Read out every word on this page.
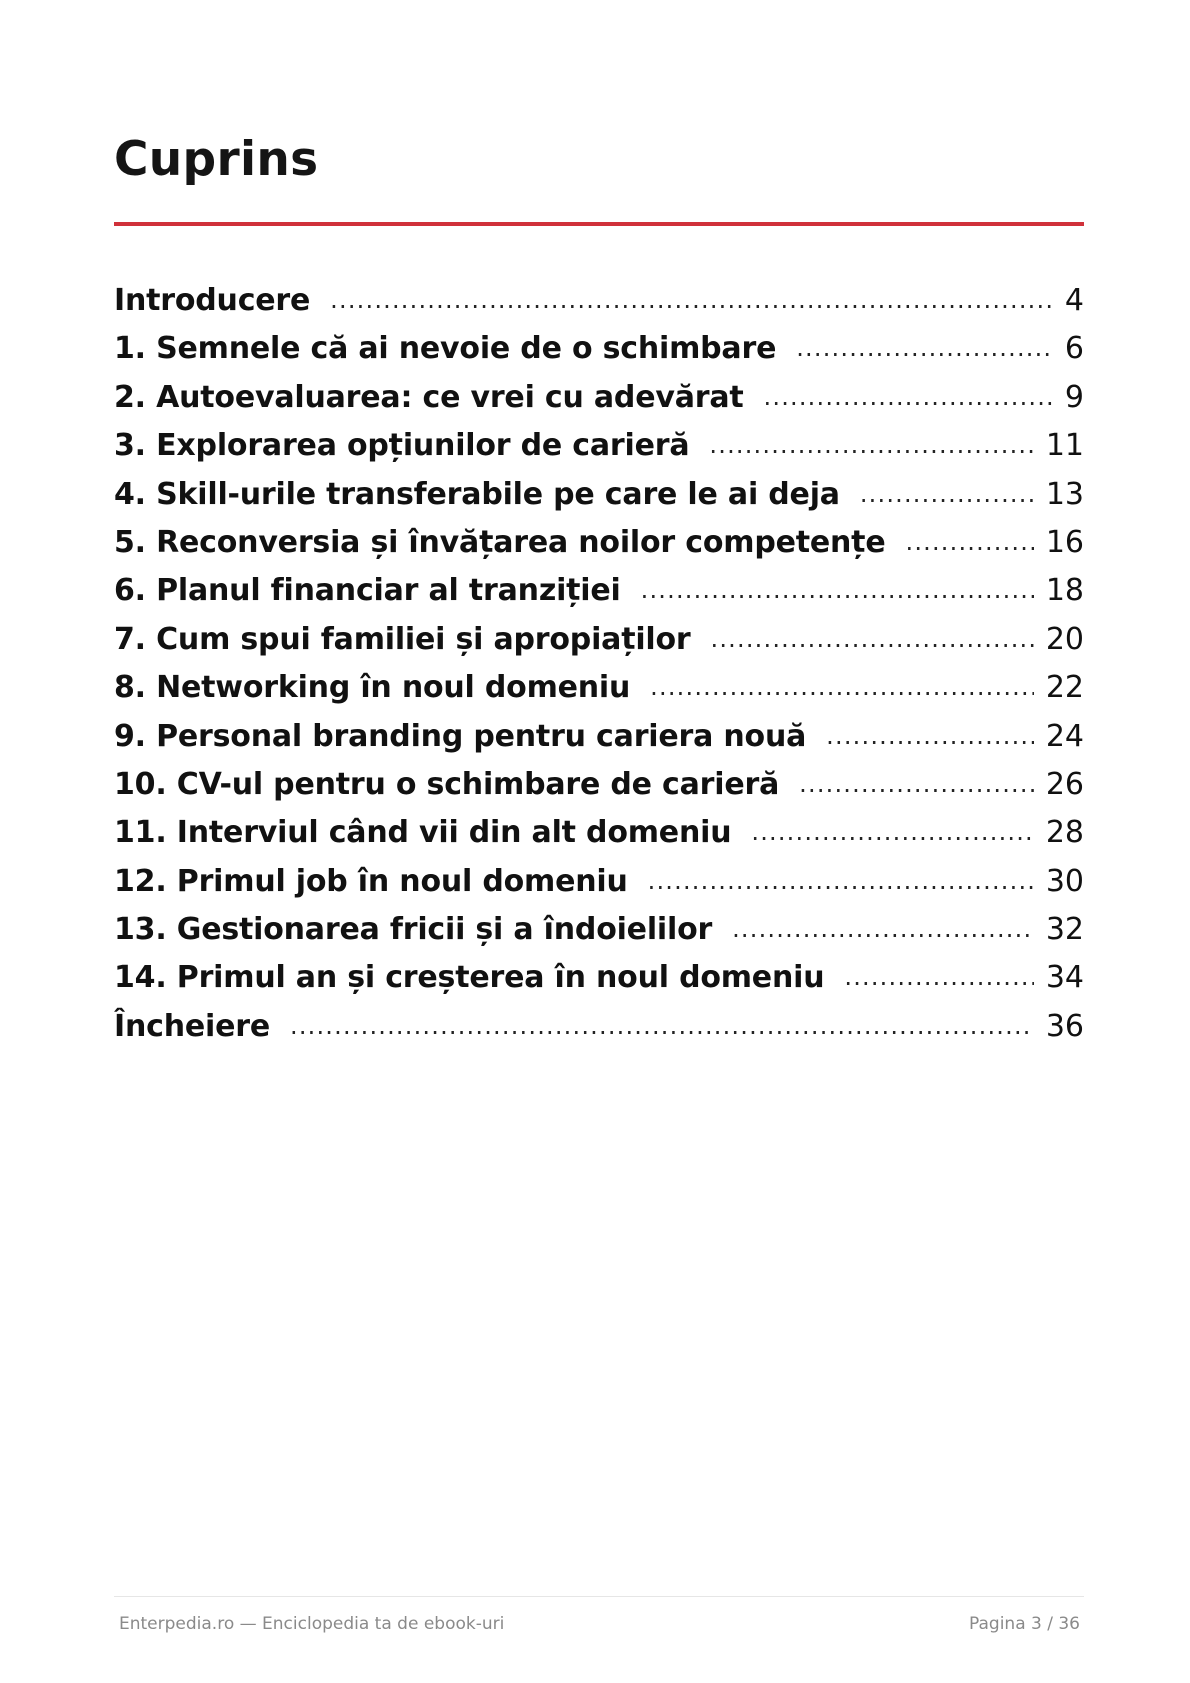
Cuprins
Introducere .....	4
1. Semnele că ai nevoie de o schimbare .....	6
2. Autoevaluarea: ce vrei cu adevărat .....	9
3. Explorarea opțiunilor de carieră .....	11
4. Skill-urile transferabile pe care le ai deja .....	13
5. Reconversia și învățarea noilor competențe .....	16
6. Planul financiar al tranziției .....	18
7. Cum spui familiei și apropiaților .....	20
8. Networking în noul domeniu .....	22
9. Personal branding pentru cariera nouă .....	24
10. CV-ul pentru o schimbare de carieră .....	26
11. Interviul când vii din alt domeniu .....	28
12. Primul job în noul domeniu .....	30
13. Gestionarea fricii și a îndoielilor .....	32
14. Primul an și creșterea în noul domeniu .....	34
Încheiere .....	36
Enterpedia.ro — Enciclopedia ta de ebook-uri	Pagina 3 / 36
